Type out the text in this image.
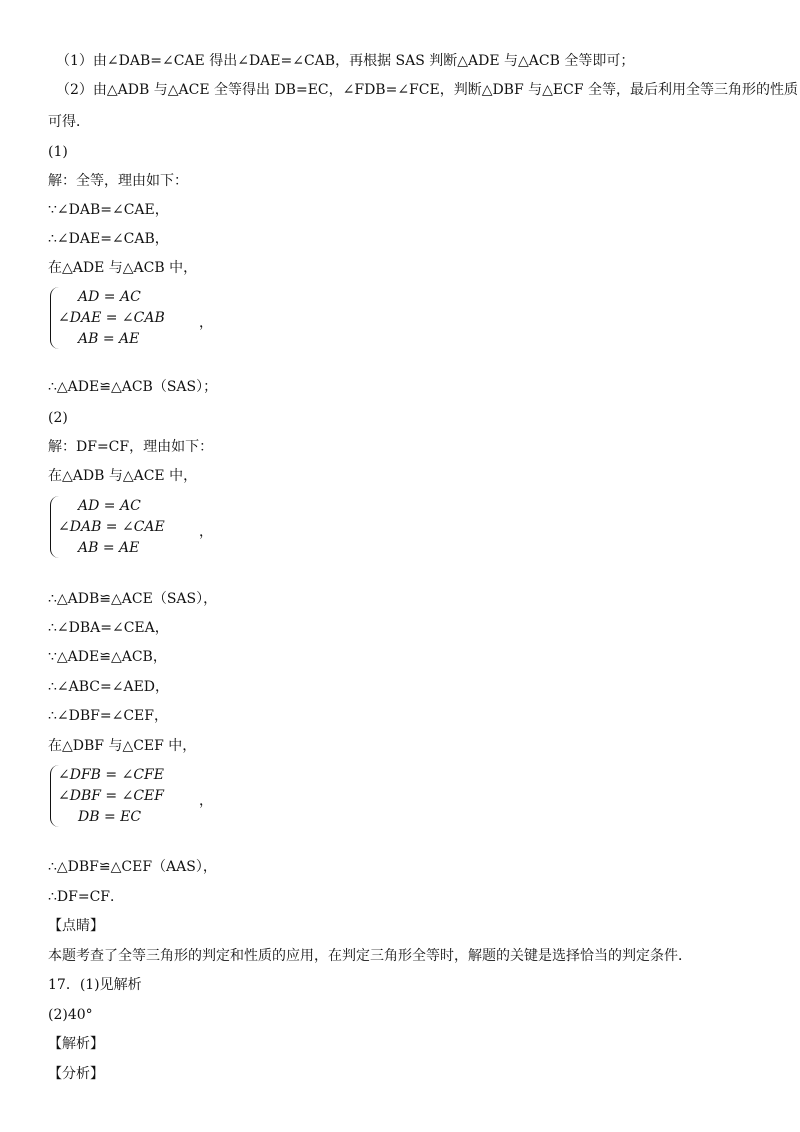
（1）由∠DAB=∠CAE 得出∠DAE=∠CAB，再根据 SAS 判断△ADE 与△ACB 全等即可；
（2）由△ADB 与△ACE 全等得出 DB=EC，∠FDB=∠FCE，判断△DBF 与△ECF 全等，最后利用全等三角形的性质
可得．
(1)
解：全等，理由如下：
∵∠DAB=∠CAE，
∴∠DAE=∠CAB，
在△ADE 与△ACB 中，
AD = AC
∠DAE = ∠CAB
AB = AE
，
∴△ADE≌△ACB（SAS）；
(2)
解：DF=CF，理由如下：
在△ADB 与△ACE 中，
AD = AC
∠DAB = ∠CAE
AB = AE
，
∴△ADB≌△ACE（SAS），
∴∠DBA=∠CEA，
∵△ADE≌△ACB，
∴∠ABC=∠AED，
∴∠DBF=∠CEF，
在△DBF 与△CEF 中，
∠DFB = ∠CFE
∠DBF = ∠CEF
DB = EC
，
∴△DBF≌△CEF（AAS），
∴DF=CF．
【点睛】
本题考查了全等三角形的判定和性质的应用，在判定三角形全等时，解题的关键是选择恰当的判定条件．
17．(1)见解析
(2)40°
【解析】
【分析】
